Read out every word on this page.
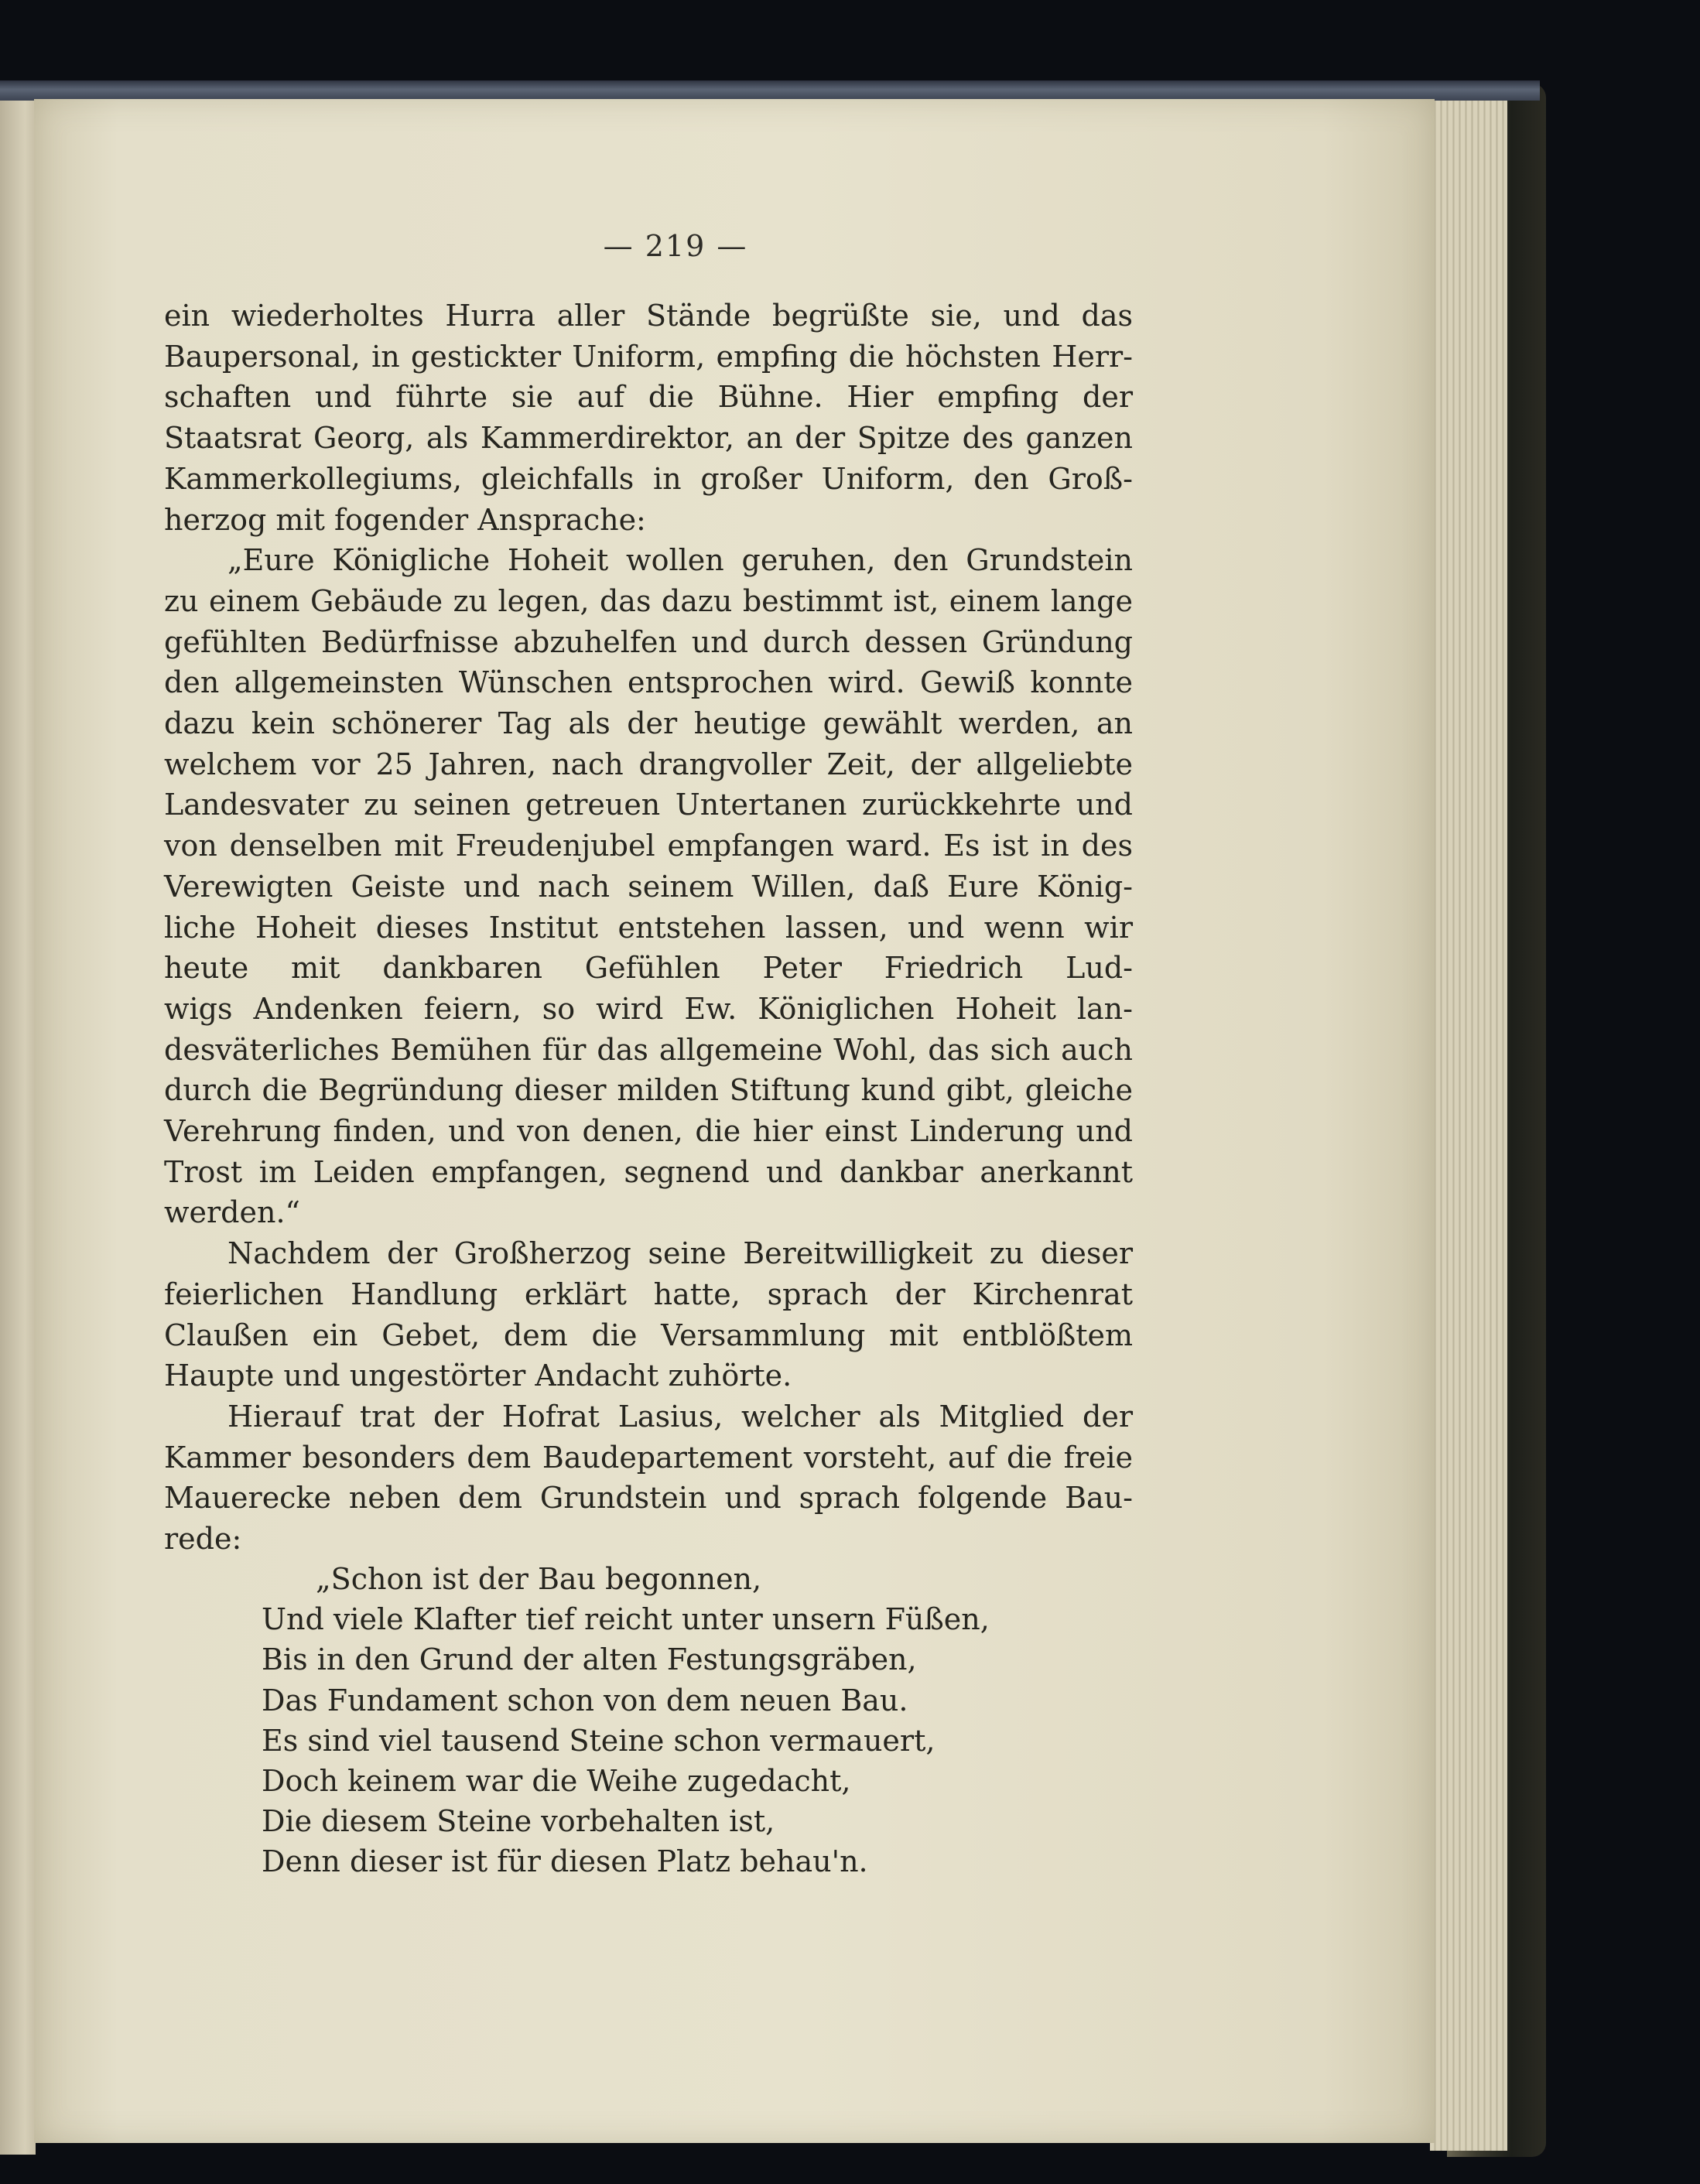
— 219 —
ein wiederholtes Hurra aller Stände begrüßte sie, und das
Baupersonal, in gestickter Uniform, empfing die höchsten Herr-
schaften und führte sie auf die Bühne. Hier empfing der
Staatsrat Georg, als Kammerdirektor, an der Spitze des ganzen
Kammerkollegiums, gleichfalls in großer Uniform, den Groß-
herzog mit fogender Ansprache:
„Eure Königliche Hoheit wollen geruhen, den Grundstein
zu einem Gebäude zu legen, das dazu bestimmt ist, einem lange
gefühlten Bedürfnisse abzuhelfen und durch dessen Gründung
den allgemeinsten Wünschen entsprochen wird. Gewiß konnte
dazu kein schönerer Tag als der heutige gewählt werden, an
welchem vor 25 Jahren, nach drangvoller Zeit, der allgeliebte
Landesvater zu seinen getreuen Untertanen zurückkehrte und
von denselben mit Freudenjubel empfangen ward. Es ist in des
Verewigten Geiste und nach seinem Willen, daß Eure König-
liche Hoheit dieses Institut entstehen lassen, und wenn wir
heute mit dankbaren Gefühlen Peter Friedrich Lud-
wigs Andenken feiern, so wird Ew. Königlichen Hoheit lan-
desväterliches Bemühen für das allgemeine Wohl, das sich auch
durch die Begründung dieser milden Stiftung kund gibt, gleiche
Verehrung finden, und von denen, die hier einst Linderung und
Trost im Leiden empfangen, segnend und dankbar anerkannt
werden.“
Nachdem der Großherzog seine Bereitwilligkeit zu dieser
feierlichen Handlung erklärt hatte, sprach der Kirchenrat
Claußen ein Gebet, dem die Versammlung mit entblößtem
Haupte und ungestörter Andacht zuhörte.
Hierauf trat der Hofrat Lasius, welcher als Mitglied der
Kammer besonders dem Baudepartement vorsteht, auf die freie
Mauerecke neben dem Grundstein und sprach folgende Bau-
rede:
„Schon ist der Bau begonnen,
Und viele Klafter tief reicht unter unsern Füßen,
Bis in den Grund der alten Festungsgräben,
Das Fundament schon von dem neuen Bau.
Es sind viel tausend Steine schon vermauert,
Doch keinem war die Weihe zugedacht,
Die diesem Steine vorbehalten ist,
Denn dieser ist für diesen Platz behau'n.
